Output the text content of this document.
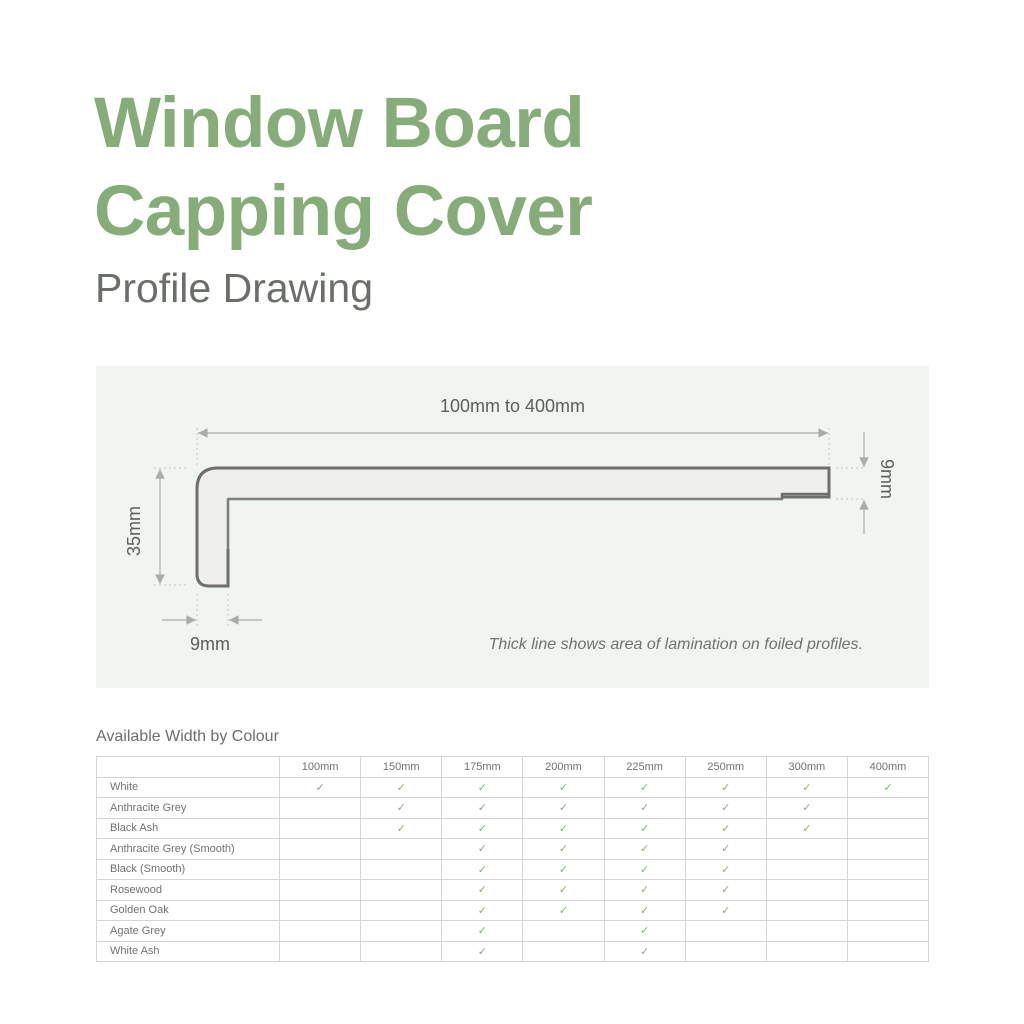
Window Board
Capping Cover
Profile Drawing
100mm to 400mm
35mm
9mm
9mm	Thick line shows area of lamination on foiled profiles.
Available Width by Colour
	100mm	150mm	175mm	200mm	225mm	250mm	300mm	400mm
White	✓	✓	✓	✓	✓	✓	✓	✓
Anthracite Grey		✓	✓	✓	✓	✓	✓	
Black Ash		✓	✓	✓	✓	✓	✓	
Anthracite Grey (Smooth)			✓	✓	✓	✓		
Black (Smooth)			✓	✓	✓	✓		
Rosewood			✓	✓	✓	✓		
Golden Oak			✓	✓	✓	✓		
Agate Grey			✓		✓			
White Ash			✓		✓			
